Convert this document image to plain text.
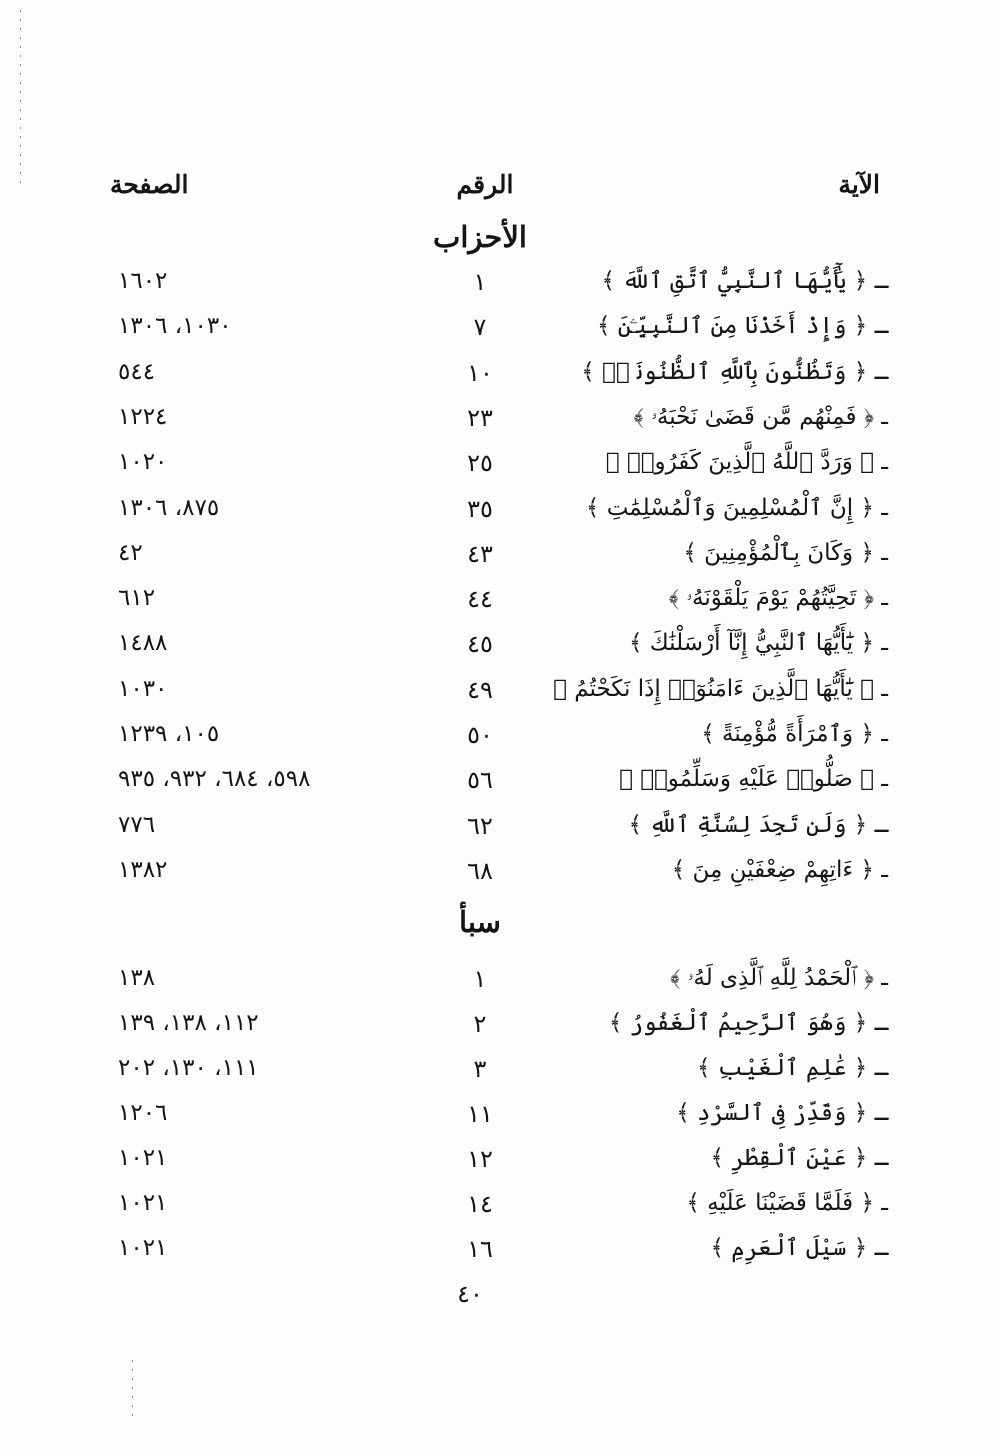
الآية
الرقم
الصفحة
الأحزاب
ـ ﴿ يَٰٓأَيُّهَا ٱلنَّبِيُّ ٱتَّقِ ٱللَّهَ ﴾
١
١٦٠٢
ـ ﴿ وَإِذْ أَخَذْنَا مِنَ ٱلنَّبِيِّـۧنَ ﴾
٧
١٠٣٠، ١٣٠٦
ـ ﴿ وَتَظُنُّونَ بِٱللَّهِ ٱلظُّنُونَا۠ ﴾
١٠
٥٤٤
ـ ﴿ فَمِنْهُم مَّن قَضَىٰ نَحْبَهُۥ ﴾
٢٣
١٢٢٤
ـ ﴿ وَرَدَّ ٱللَّهُ ٱلَّذِينَ كَفَرُوا۟ ﴾
٢٥
١٠٢٠
ـ ﴿ إِنَّ ٱلْمُسْلِمِينَ وَٱلْمُسْلِمَٰتِ ﴾
٣٥
٨٧٥، ١٣٠٦
ـ ﴿ وَكَانَ بِٱلْمُؤْمِنِينَ ﴾
٤٣
٤٢
ـ ﴿ تَحِيَّتُهُمْ يَوْمَ يَلْقَوْنَهُۥ ﴾
٤٤
٦١٢
ـ ﴿ يَٰٓأَيُّهَا ٱلنَّبِيُّ إِنَّآ أَرْسَلْنَٰكَ ﴾
٤٥
١٤٨٨
ـ ﴿ يَٰٓأَيُّهَا ٱلَّذِينَ ءَامَنُوٓا۟ إِذَا نَكَحْتُمُ ﴾
٤٩
١٠٣٠
ـ ﴿ وَٱمْرَأَةً مُّؤْمِنَةً ﴾
٥٠
١٠٥، ١٢٣٩
ـ ﴿ صَلُّوا۟ عَلَيْهِ وَسَلِّمُوا۟ ﴾
٥٦
٥٩٨، ٦٨٤، ٩٣٢، ٩٣٥
ـ ﴿ وَلَن تَجِدَ لِسُنَّةِ ٱللَّهِ ﴾
٦٢
٧٧٦
ـ ﴿ ءَاتِهِمْ ضِعْفَيْنِ مِنَ ﴾
٦٨
١٣٨٢
سبأ
ـ ﴿ ٱلْحَمْدُ لِلَّهِ ٱلَّذِى لَهُۥ ﴾
١
١٣٨
ـ ﴿ وَهُوَ ٱلرَّحِيمُ ٱلْغَفُورُ ﴾
٢
١١٢، ١٣٨، ١٣٩
ـ ﴿ عَٰلِمِ ٱلْغَيْبِ ﴾
٣
١١١، ١٣٠، ٢٠٢
ـ ﴿ وَقَدِّرْ فِى ٱلسَّرْدِ ﴾
١١
١٢٠٦
ـ ﴿ عَيْنَ ٱلْقِطْرِ ﴾
١٢
١٠٢١
ـ ﴿ فَلَمَّا قَضَيْنَا عَلَيْهِ ﴾
١٤
١٠٢١
ـ ﴿ سَيْلَ ٱلْعَرِمِ ﴾
١٦
١٠٢١
٤٠
